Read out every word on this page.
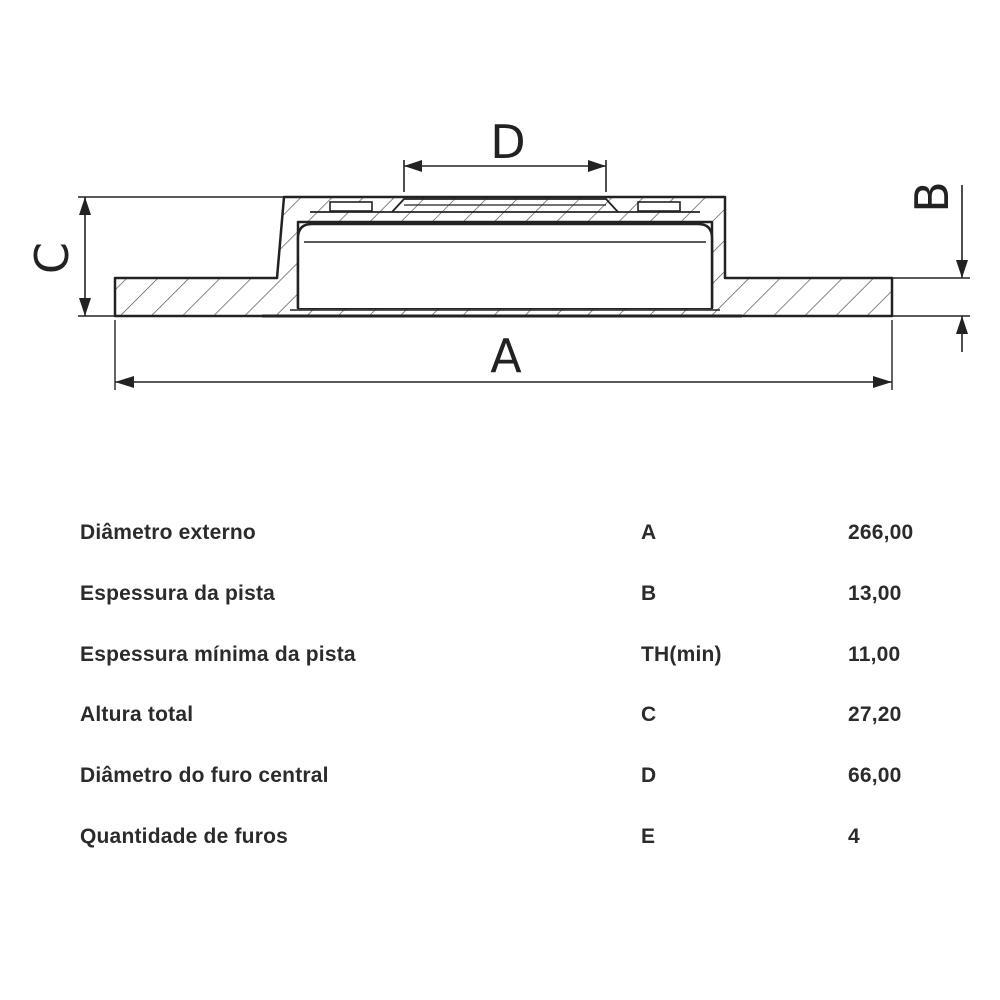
D
C
B
A
Diâmetro externo	A	266,00
Espessura da pista	B	13,00
Espessura mínima da pista	TH(min)	11,00
Altura total	C	27,20
Diâmetro do furo central	D	66,00
Quantidade de furos	E	4
